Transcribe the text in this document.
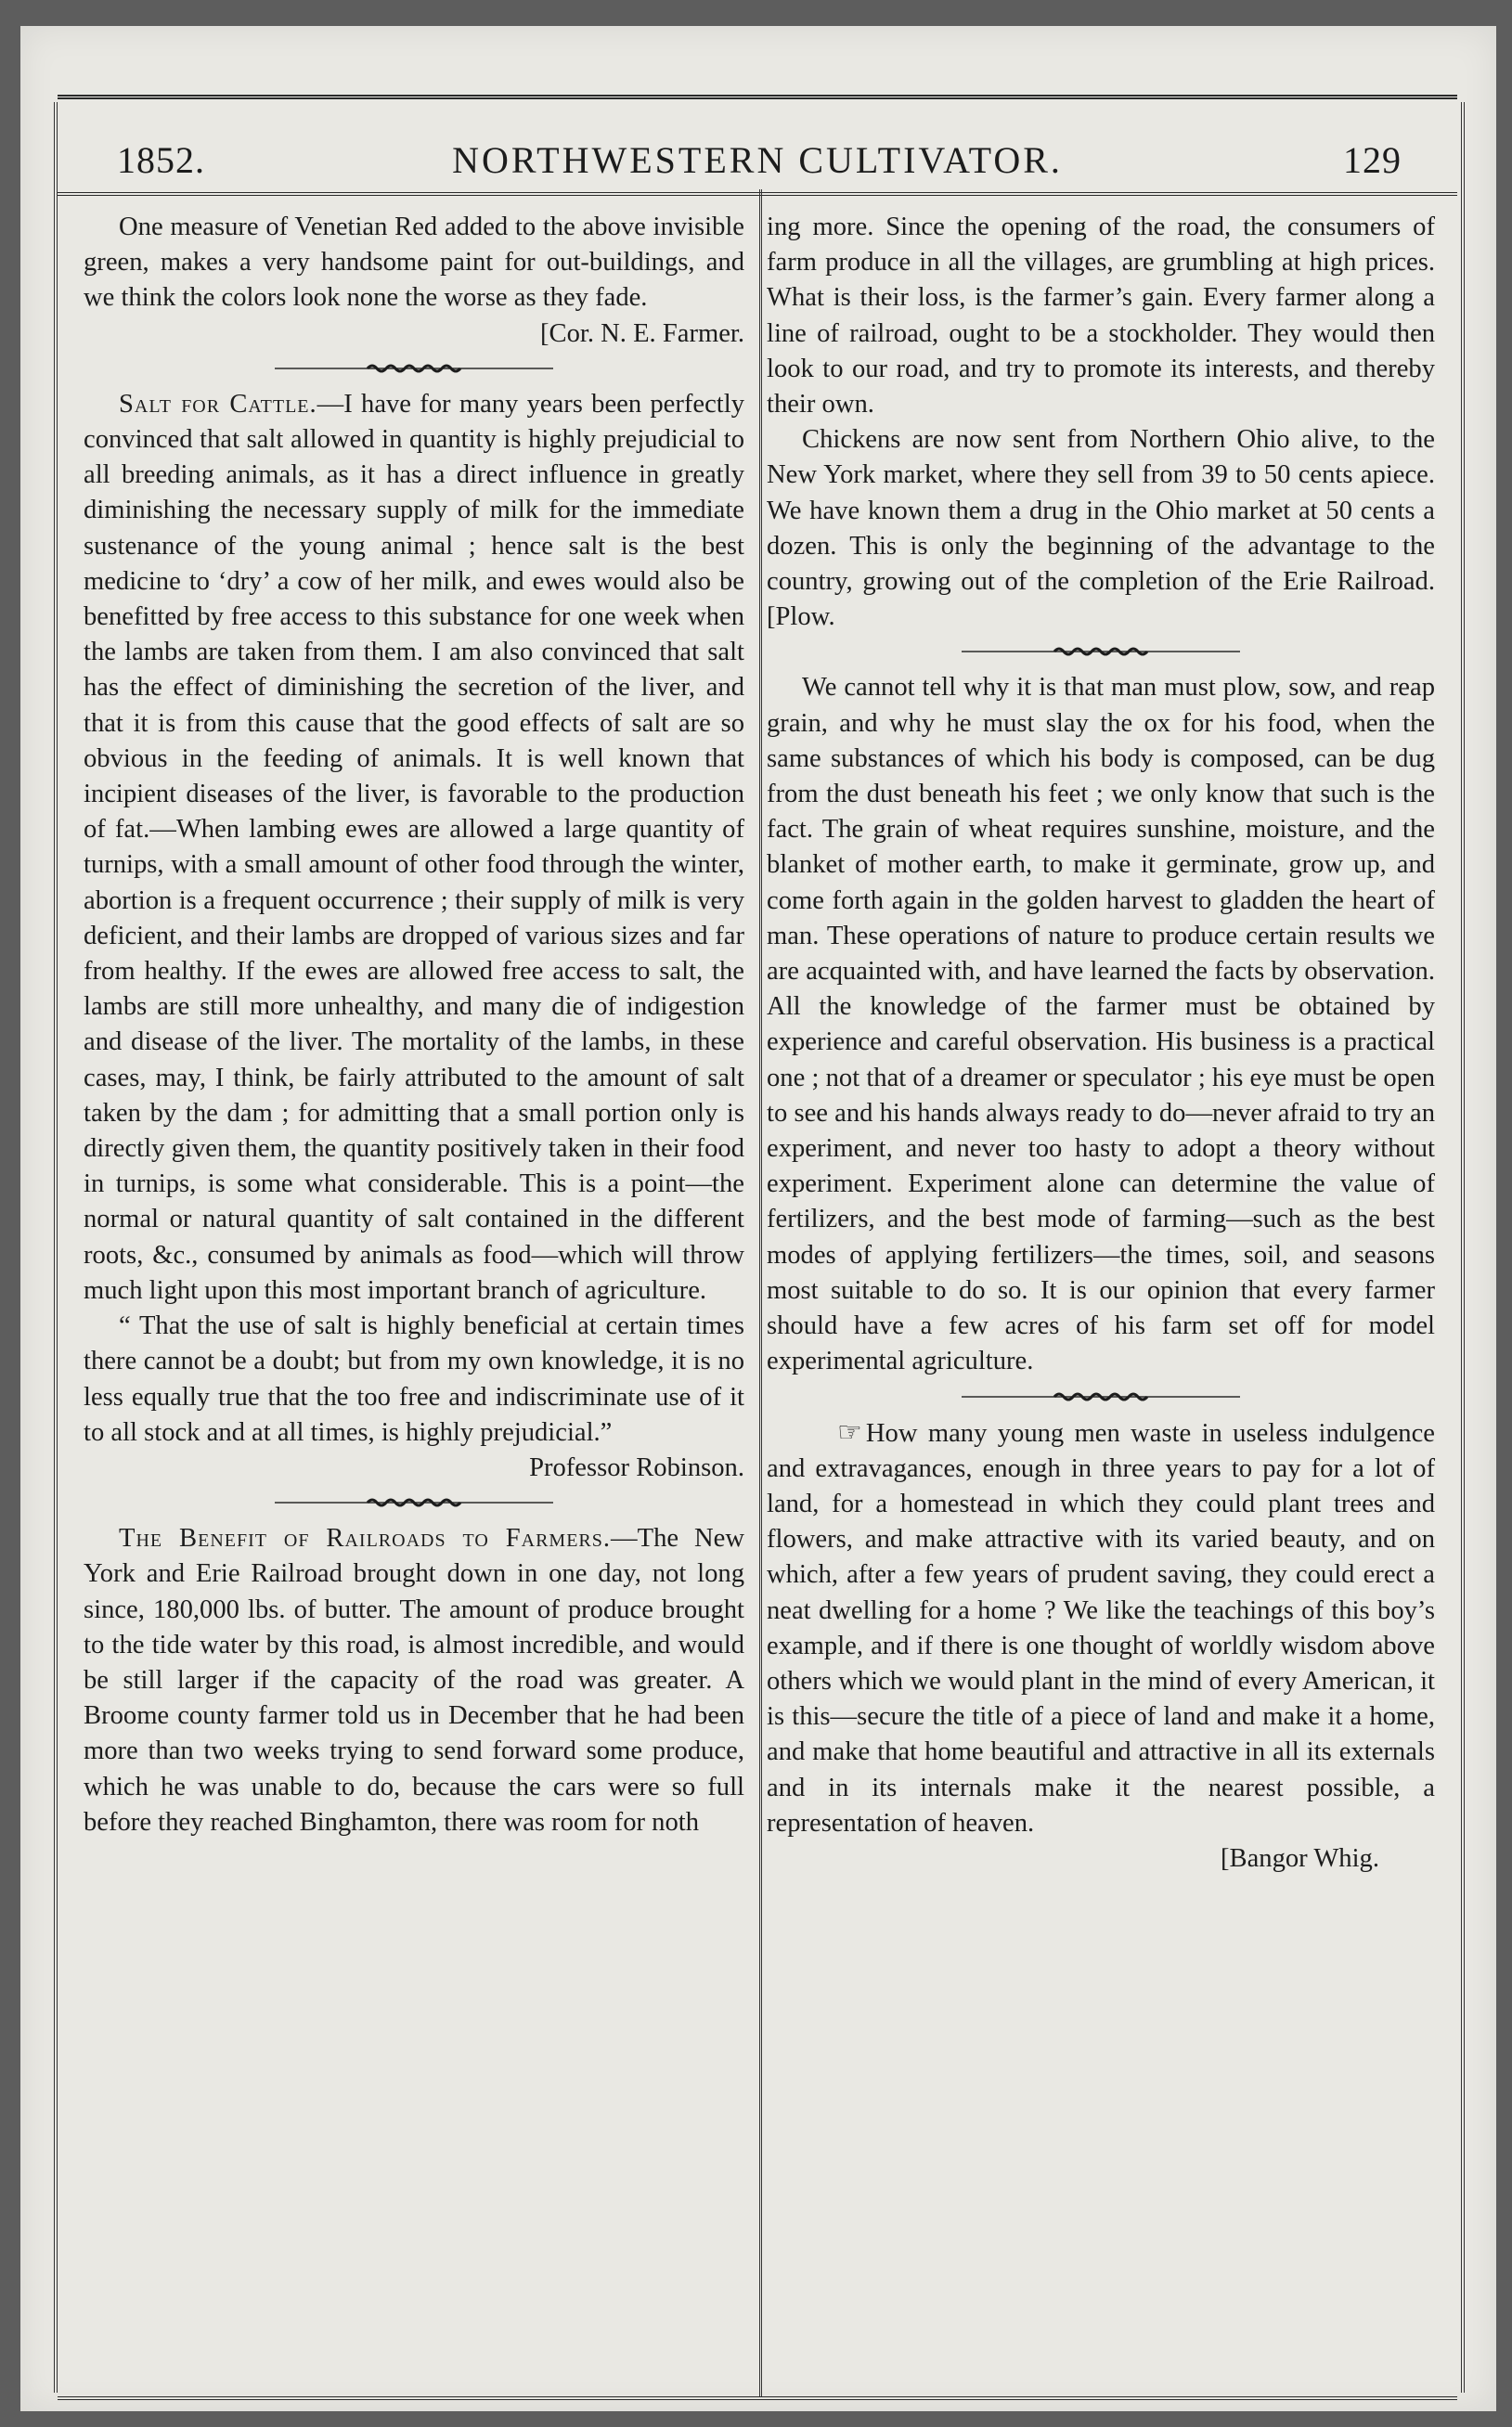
1852.	NORTHWESTERN CULTIVATOR.	129

One measure of Venetian Red added to the above invisible green, makes a very handsome paint for out-buildings, and we think the colors look none the worse as they fade.

[Cor. N. E. Farmer.

Salt for Cattle.—I have for many years been perfectly convinced that salt allowed in quantity is highly prejudicial to all breeding animals, as it has a direct influence in greatly diminishing the necessary supply of milk for the immediate sustenance of the young animal ; hence salt is the best medicine to ‘dry’ a cow of her milk, and ewes would also be benefitted by free access to this substance for one week when the lambs are taken from them. I am also convinced that salt has the effect of diminishing the secretion of the liver, and that it is from this cause that the good effects of salt are so obvious in the feeding of animals. It is well known that incipient diseases of the liver, is favorable to the production of fat.—When lambing ewes are allowed a large quantity of turnips, with a small amount of other food through the winter, abortion is a frequent occurrence ; their supply of milk is very deficient, and their lambs are dropped of various sizes and far from healthy. If the ewes are allowed free access to salt, the lambs are still more unhealthy, and many die of indigestion and disease of the liver. The mortality of the lambs, in these cases, may, I think, be fairly attributed to the amount of salt taken by the dam ; for admitting that a small portion only is directly given them, the quantity positively taken in their food in turnips, is some what considerable. This is a point—the normal or natural quantity of salt contained in the different roots, &c., consumed by animals as food—which will throw much light upon this most important branch of agriculture.

“ That the use of salt is highly beneficial at certain times there cannot be a doubt; but from my own knowledge, it is no less equally true that the too free and indiscriminate use of it to all stock and at all times, is highly prejudicial.”

Professor Robinson.

The Benefit of Railroads to Farmers.—The New York and Erie Railroad brought down in one day, not long since, 180,000 lbs. of butter. The amount of produce brought to the tide water by this road, is almost incredible, and would be still larger if the capacity of the road was greater. A Broome county farmer told us in December that he had been more than two weeks trying to send forward some produce, which he was unable to do, because the cars were so full before they reached Binghamton, there was room for noth

ing more. Since the opening of the road, the consumers of farm produce in all the villages, are grumbling at high prices. What is their loss, is the farmer’s gain. Every farmer along a line of railroad, ought to be a stockholder. They would then look to our road, and try to promote its interests, and thereby their own.

Chickens are now sent from Northern Ohio alive, to the New York market, where they sell from 39 to 50 cents apiece. We have known them a drug in the Ohio market at 50 cents a dozen. This is only the beginning of the advantage to the country, growing out of the completion of the Erie Railroad. [Plow.

We cannot tell why it is that man must plow, sow, and reap grain, and why he must slay the ox for his food, when the same substances of which his body is composed, can be dug from the dust beneath his feet ; we only know that such is the fact. The grain of wheat requires sunshine, moisture, and the blanket of mother earth, to make it germinate, grow up, and come forth again in the golden harvest to gladden the heart of man. These operations of nature to produce certain results we are acquainted with, and have learned the facts by observation. All the knowledge of the farmer must be obtained by experience and careful observation. His business is a practical one ; not that of a dreamer or speculator ; his eye must be open to see and his hands always ready to do—never afraid to try an experiment, and never too hasty to adopt a theory without experiment. Experiment alone can determine the value of fertilizers, and the best mode of farming—such as the best modes of applying fertilizers—the times, soil, and seasons most suitable to do so. It is our opinion that every farmer should have a few acres of his farm set off for model experimental agriculture.

☞ How many young men waste in useless indulgence and extravagances, enough in three years to pay for a lot of land, for a homestead in which they could plant trees and flowers, and make attractive with its varied beauty, and on which, after a few years of prudent saving, they could erect a neat dwelling for a home ? We like the teachings of this boy’s example, and if there is one thought of worldly wisdom above others which we would plant in the mind of every American, it is this—secure the title of a piece of land and make it a home, and make that home beautiful and attractive in all its externals and in its internals make it the nearest possible, a representation of heaven.

[Bangor Whig.
